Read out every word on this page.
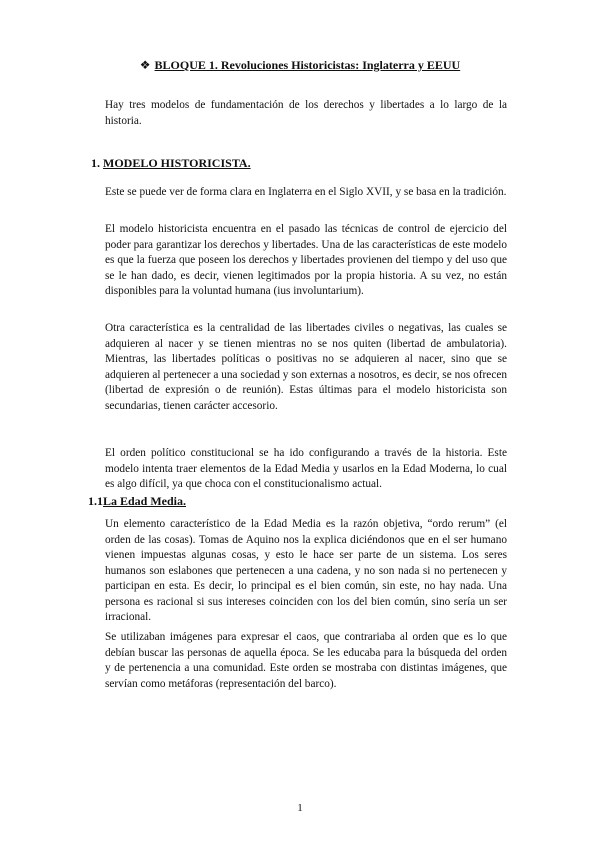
❖ BLOQUE 1. Revoluciones Historicistas: Inglaterra y EEUU

Hay tres modelos de fundamentación de los derechos y libertades a lo largo de la historia.

1. MODELO HISTORICISTA.

Este se puede ver de forma clara en Inglaterra en el Siglo XVII, y se basa en la tradición.

El modelo historicista encuentra en el pasado las técnicas de control de ejercicio del poder para garantizar los derechos y libertades. Una de las características de este modelo es que la fuerza que poseen los derechos y libertades provienen del tiempo y del uso que se le han dado, es decir, vienen legitimados por la propia historia. A su vez, no están disponibles para la voluntad humana (ius involuntarium).

Otra característica es la centralidad de las libertades civiles o negativas, las cuales se adquieren al nacer y se tienen mientras no se nos quiten (libertad de ambulatoria). Mientras, las libertades políticas o positivas no se adquieren al nacer, sino que se adquieren al pertenecer a una sociedad y son externas a nosotros, es decir, se nos ofrecen (libertad de expresión o de reunión). Estas últimas para el modelo historicista son secundarias, tienen carácter accesorio.

El orden político constitucional se ha ido configurando a través de la historia. Este modelo intenta traer elementos de la Edad Media y usarlos en la Edad Moderna, lo cual es algo difícil, ya que choca con el constitucionalismo actual.

1.1La Edad Media.

Un elemento característico de la Edad Media es la razón objetiva, “ordo rerum” (el orden de las cosas). Tomas de Aquino nos la explica diciéndonos que en el ser humano vienen impuestas algunas cosas, y esto le hace ser parte de un sistema. Los seres humanos son eslabones que pertenecen a una cadena, y no son nada si no pertenecen y participan en esta. Es decir, lo principal es el bien común, sin este, no hay nada. Una persona es racional si sus intereses coinciden con los del bien común, sino sería un ser irracional.

Se utilizaban imágenes para expresar el caos, que contrariaba al orden que es lo que debían buscar las personas de aquella época. Se les educaba para la búsqueda del orden y de pertenencia a una comunidad. Este orden se mostraba con distintas imágenes, que servían como metáforas (representación del barco).

1
